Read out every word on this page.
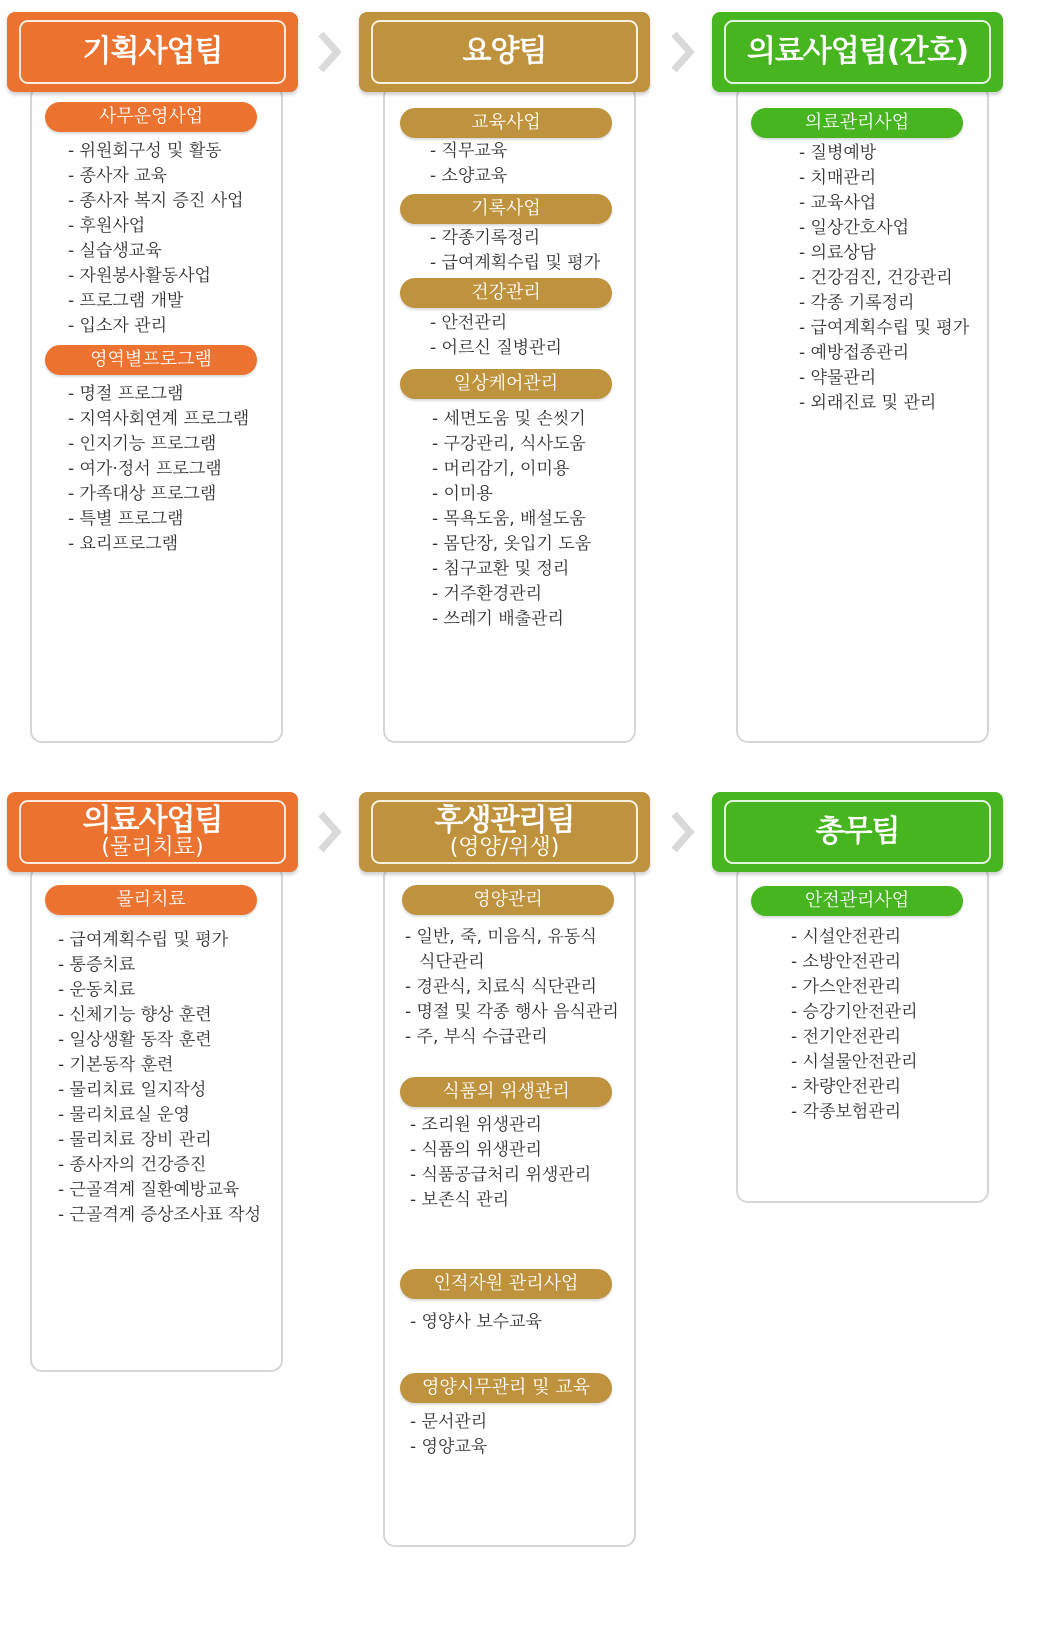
기획사업팀
사무운영사업
- 위원회구성 및 활동
- 종사자 교육
- 종사자 복지 증진 사업
- 후원사업
- 실습생교육
- 자원봉사활동사업
- 프로그램 개발
- 입소자 관리
영역별프로그램
- 명절 프로그램
- 지역사회연계 프로그램
- 인지기능 프로그램
- 여가·정서 프로그램
- 가족대상 프로그램
- 특별 프로그램
- 요리프로그램
요양팀
교육사업
- 직무교육
- 소양교육
기록사업
- 각종기록정리
- 급여계획수립 및 평가
건강관리
- 안전관리
- 어르신 질병관리
일상케어관리
- 세면도움 및 손씻기
- 구강관리, 식사도움
- 머리감기, 이미용
- 이미용
- 목욕도움, 배설도움
- 몸단장, 옷입기 도움
- 침구교환 및 정리
- 거주환경관리
- 쓰레기 배출관리
의료사업팀(간호)
의료관리사업
- 질병예방
- 치매관리
- 교육사업
- 일상간호사업
- 의료상담
- 건강검진, 건강관리
- 각종 기록정리
- 급여계획수립 및 평가
- 예방접종관리
- 약물관리
- 외래진료 및 관리
의료사업팀
(물리치료)
물리치료
- 급여계획수립 및 평가
- 통증치료
- 운동치료
- 신체기능 향상 훈련
- 일상생활 동작 훈련
- 기본동작 훈련
- 물리치료 일지작성
- 물리치료실 운영
- 물리치료 장비 관리
- 종사자의 건강증진
- 근골격계 질환예방교육
- 근골격계 증상조사표 작성
후생관리팀
(영양/위생)
영양관리
- 일반, 죽, 미음식, 유동식
식단관리
- 경관식, 치료식 식단관리
- 명절 및 각종 행사 음식관리
- 주, 부식 수급관리
식품의 위생관리
- 조리원 위생관리
- 식품의 위생관리
- 식품공급처리 위생관리
- 보존식 관리
인적자원 관리사업
- 영양사 보수교육
영양시무관리 및 교육
- 문서관리
- 영양교육
총무팀
안전관리사업
- 시설안전관리
- 소방안전관리
- 가스안전관리
- 승강기안전관리
- 전기안전관리
- 시설물안전관리
- 차량안전관리
- 각종보험관리
